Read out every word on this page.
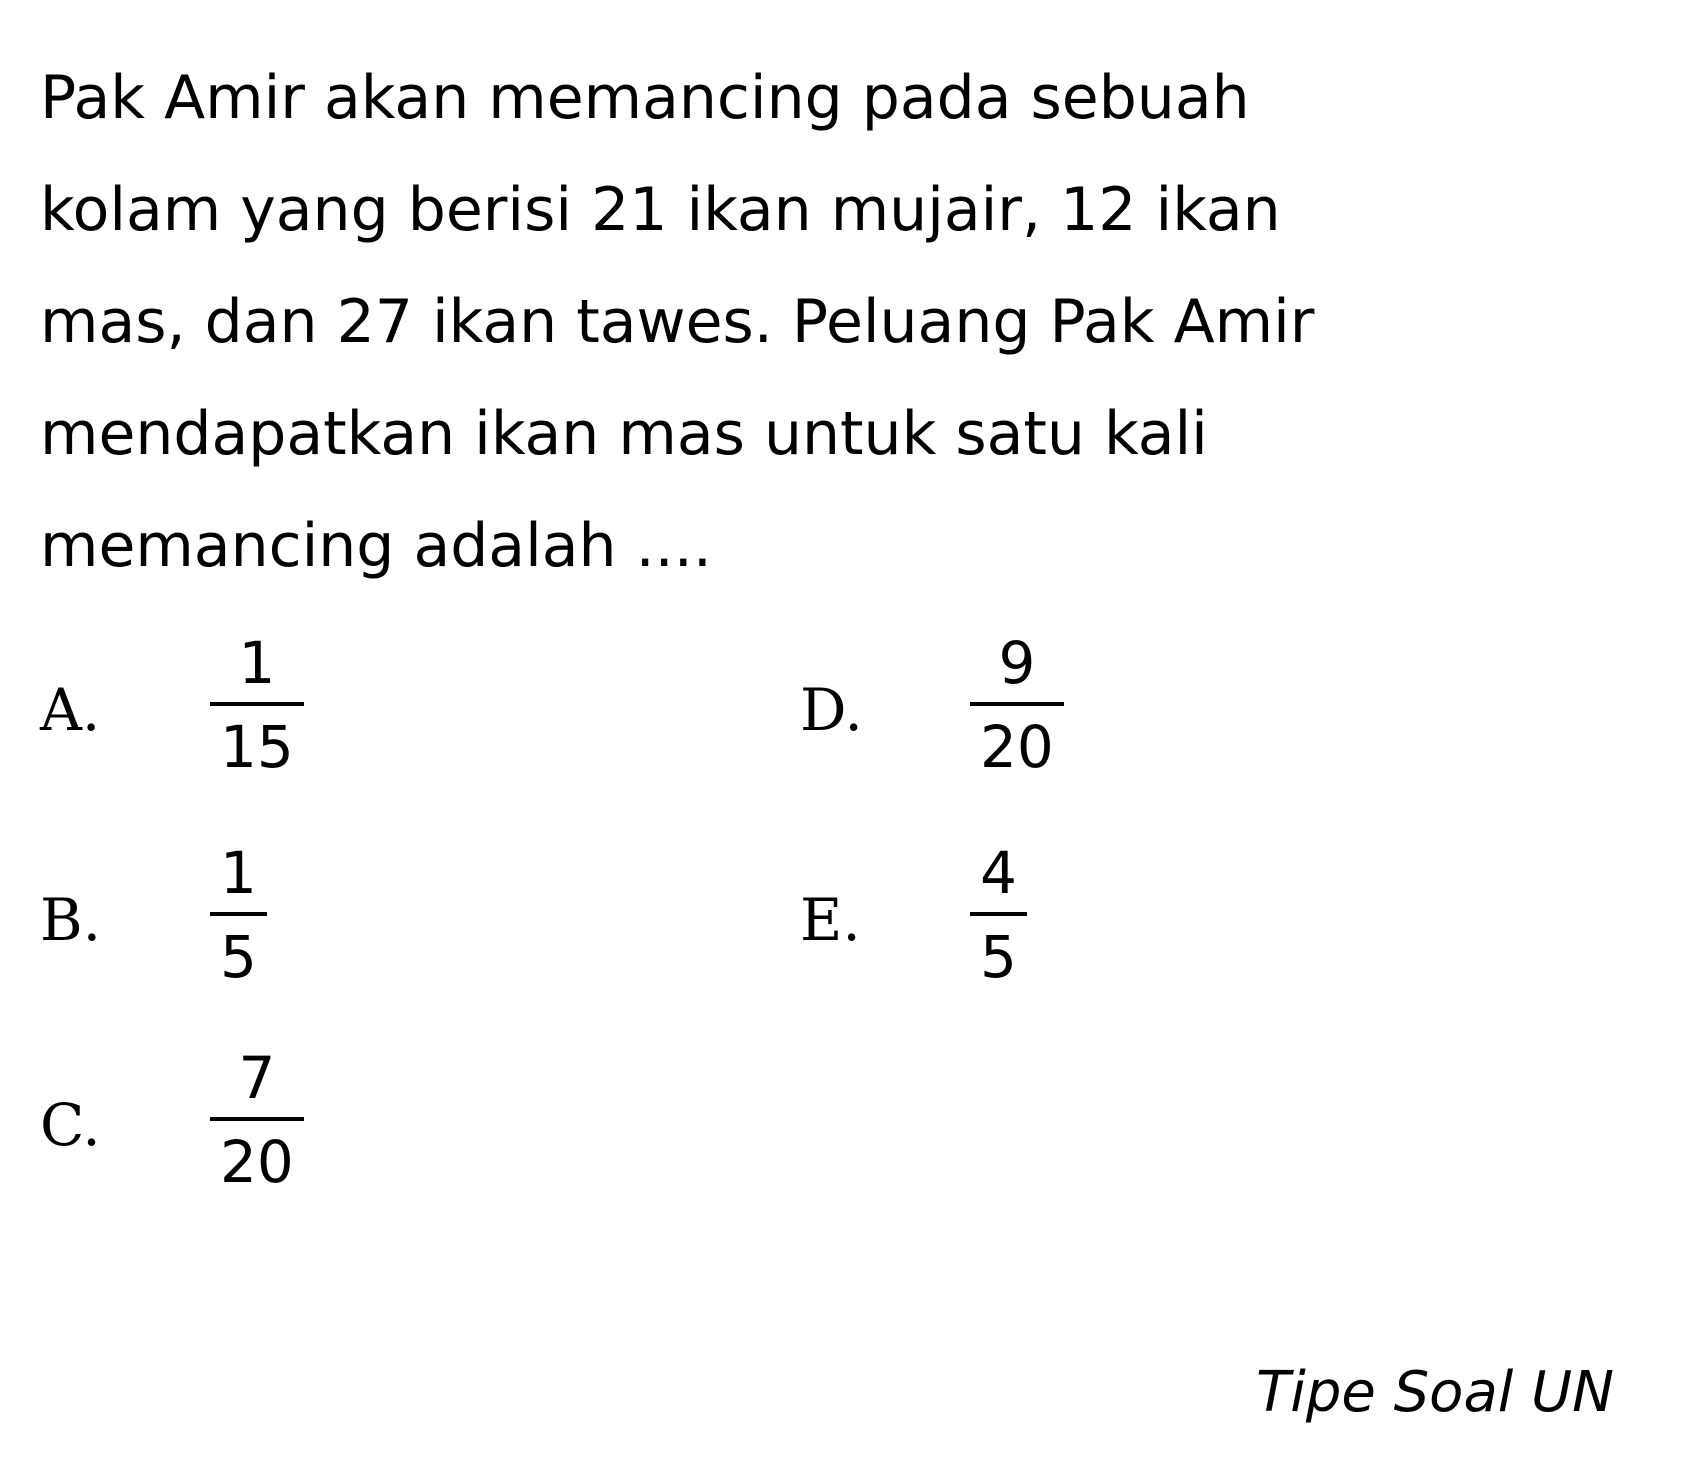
Pak Amir akan memancing pada sebuah
kolam yang berisi 21 ikan mujair, 12 ikan
mas, dan 27 ikan tawes. Peluang Pak Amir
mendapatkan ikan mas untuk satu kali
memancing adalah ....
A.
1
15
B.
1
5
C.
7
20
D.
9
20
E.
4
5
Tipe Soal UN
